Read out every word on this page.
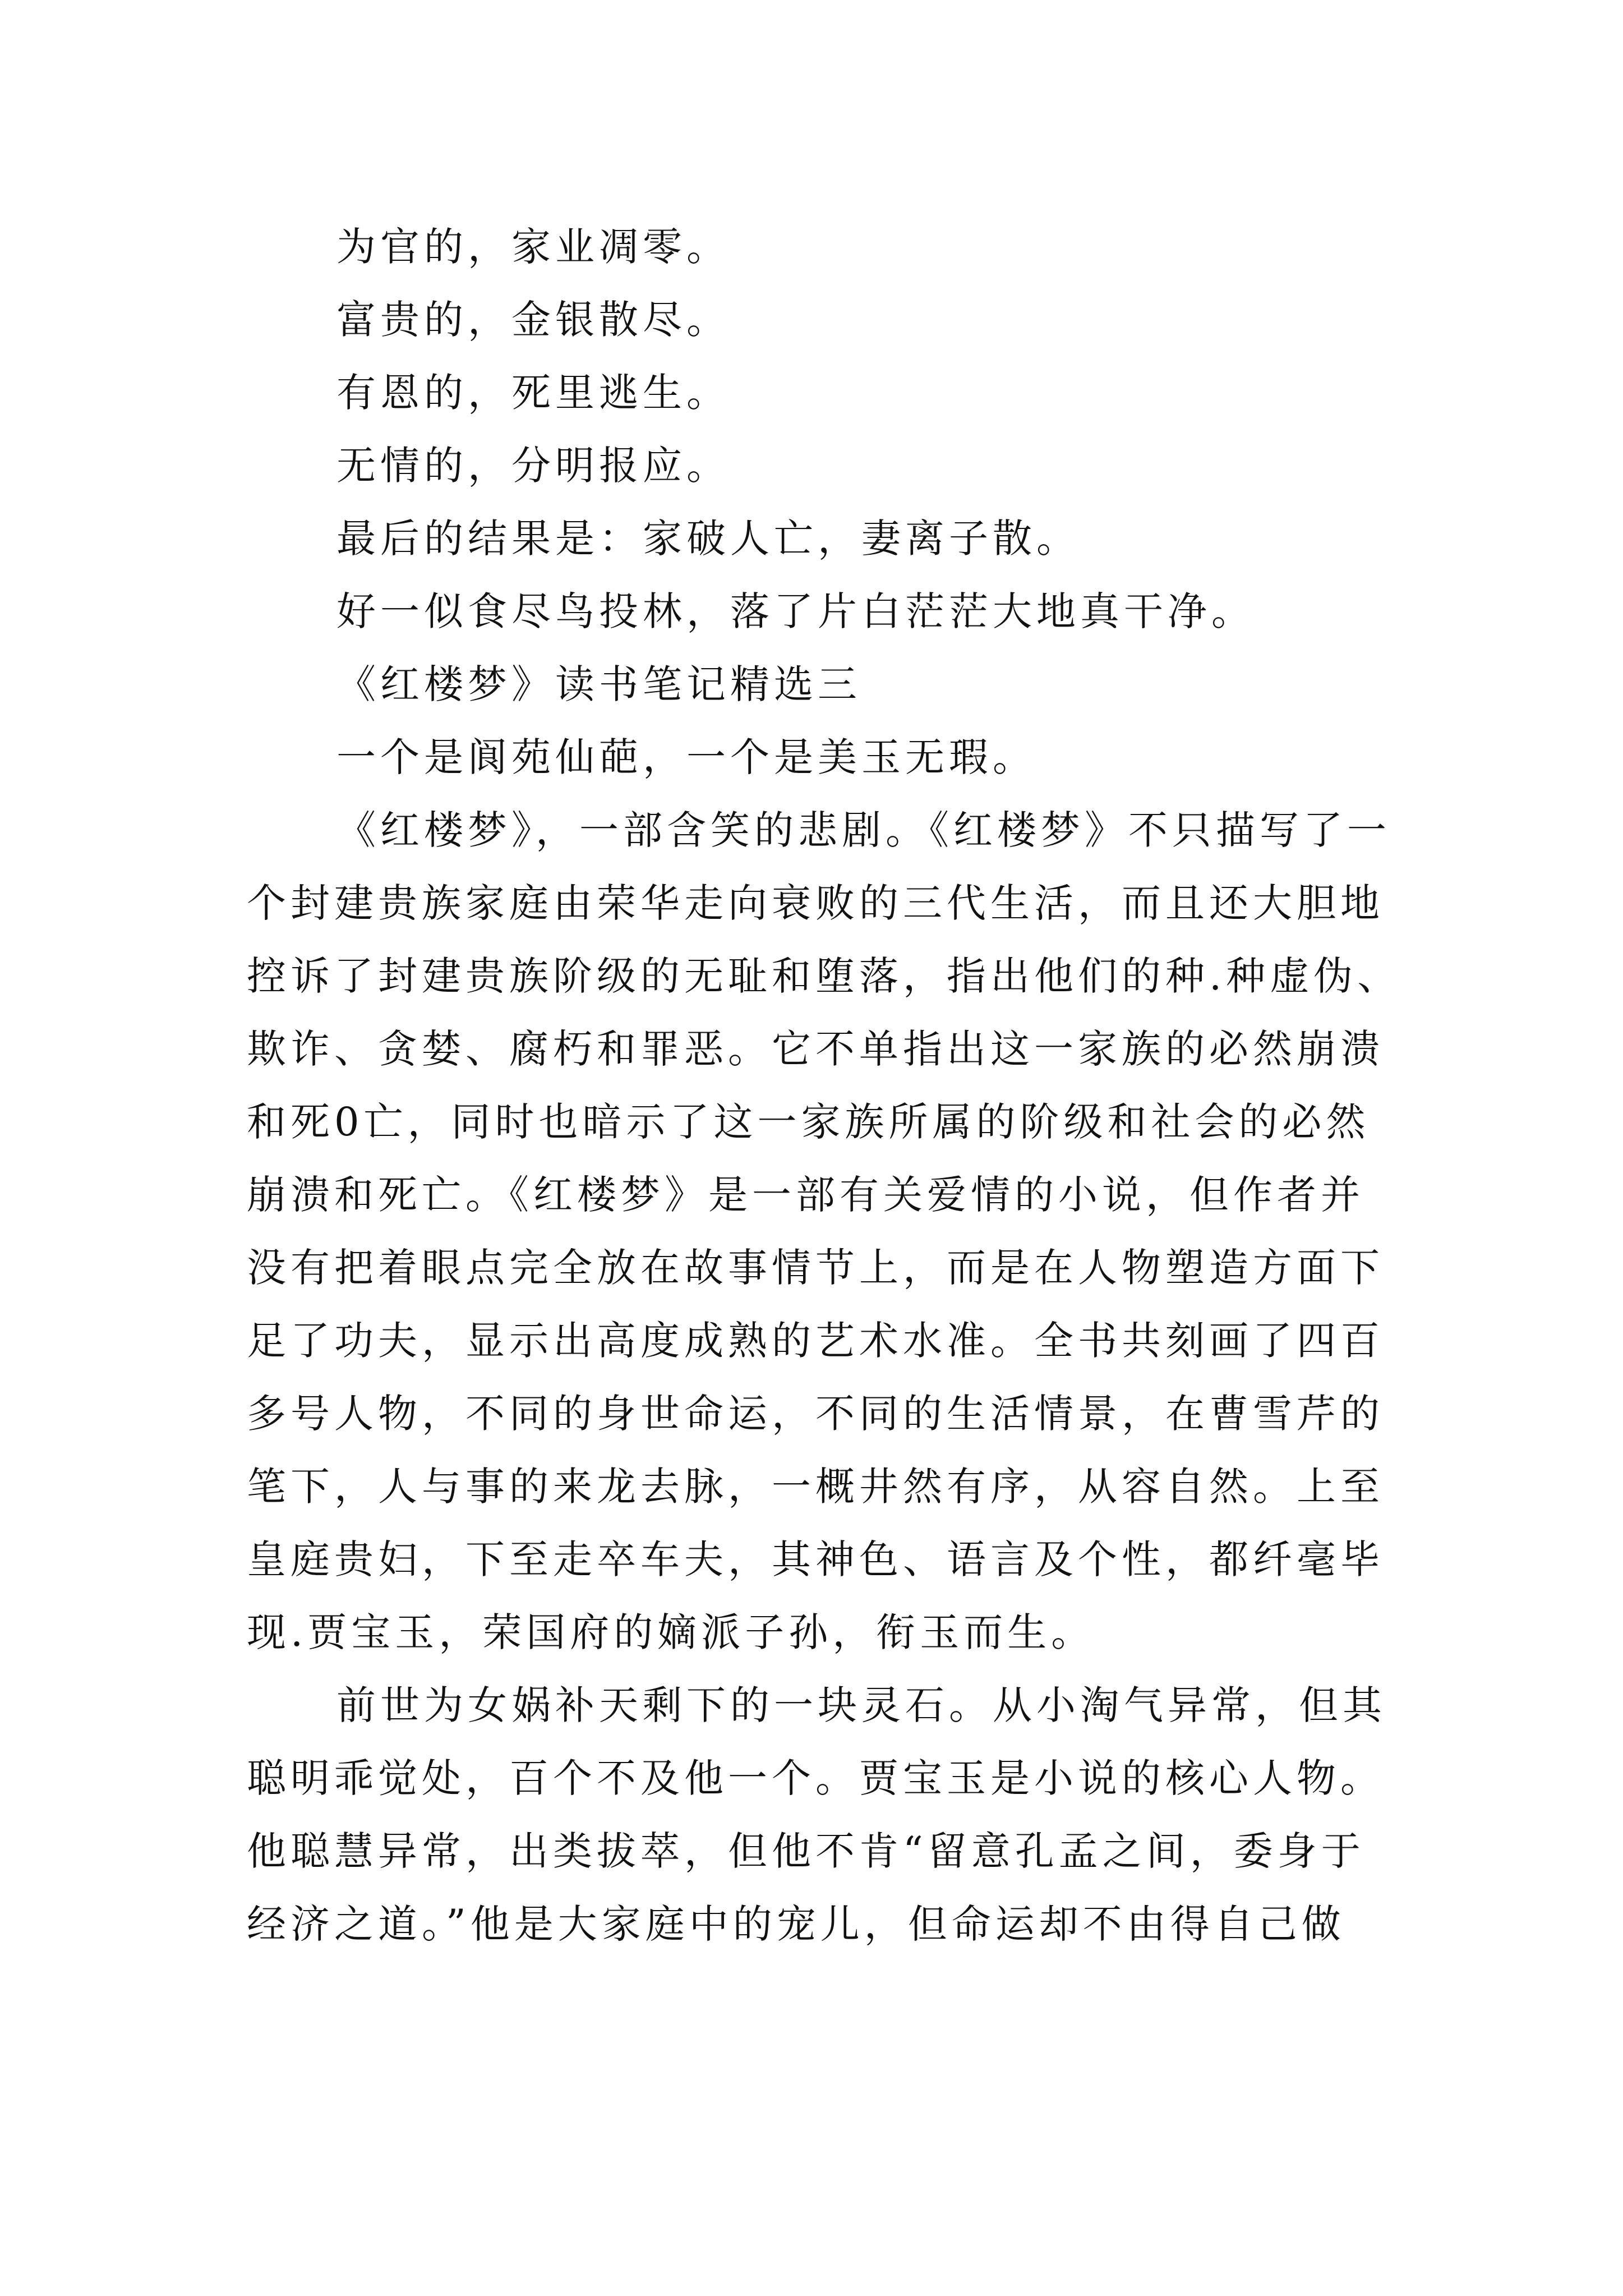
为官的，家业凋零。
富贵的，金银散尽。
有恩的，死里逃生。
无情的，分明报应。
最后的结果是：家破人亡，妻离子散。
好一似食尽鸟投林，落了片白茫茫大地真干净。
《红楼梦》读书笔记精选三
一个是阆苑仙葩，一个是美玉无瑕。
《红楼梦》，一部含笑的悲剧。《红楼梦》不只描写了一
个封建贵族家庭由荣华走向衰败的三代生活，而且还大胆地
控诉了封建贵族阶级的无耻和堕落，指出他们的种.种虚伪、
欺诈、贪婪、腐朽和罪恶。它不单指出这一家族的必然崩溃
和死0亡，同时也暗示了这一家族所属的阶级和社会的必然
崩溃和死亡。《红楼梦》是一部有关爱情的小说，但作者并
没有把着眼点完全放在故事情节上，而是在人物塑造方面下
足了功夫，显示出高度成熟的艺术水准。全书共刻画了四百
多号人物，不同的身世命运，不同的生活情景，在曹雪芹的
笔下，人与事的来龙去脉，一概井然有序，从容自然。上至
皇庭贵妇，下至走卒车夫，其神色、语言及个性，都纤毫毕
现.贾宝玉，荣国府的嫡派子孙，衔玉而生。
前世为女娲补天剩下的一块灵石。从小淘气异常，但其
聪明乖觉处，百个不及他一个。贾宝玉是小说的核心人物。
他聪慧异常，出类拔萃，但他不肯“留意孔孟之间，委身于
经济之道。”他是大家庭中的宠儿，但命运却不由得自己做
